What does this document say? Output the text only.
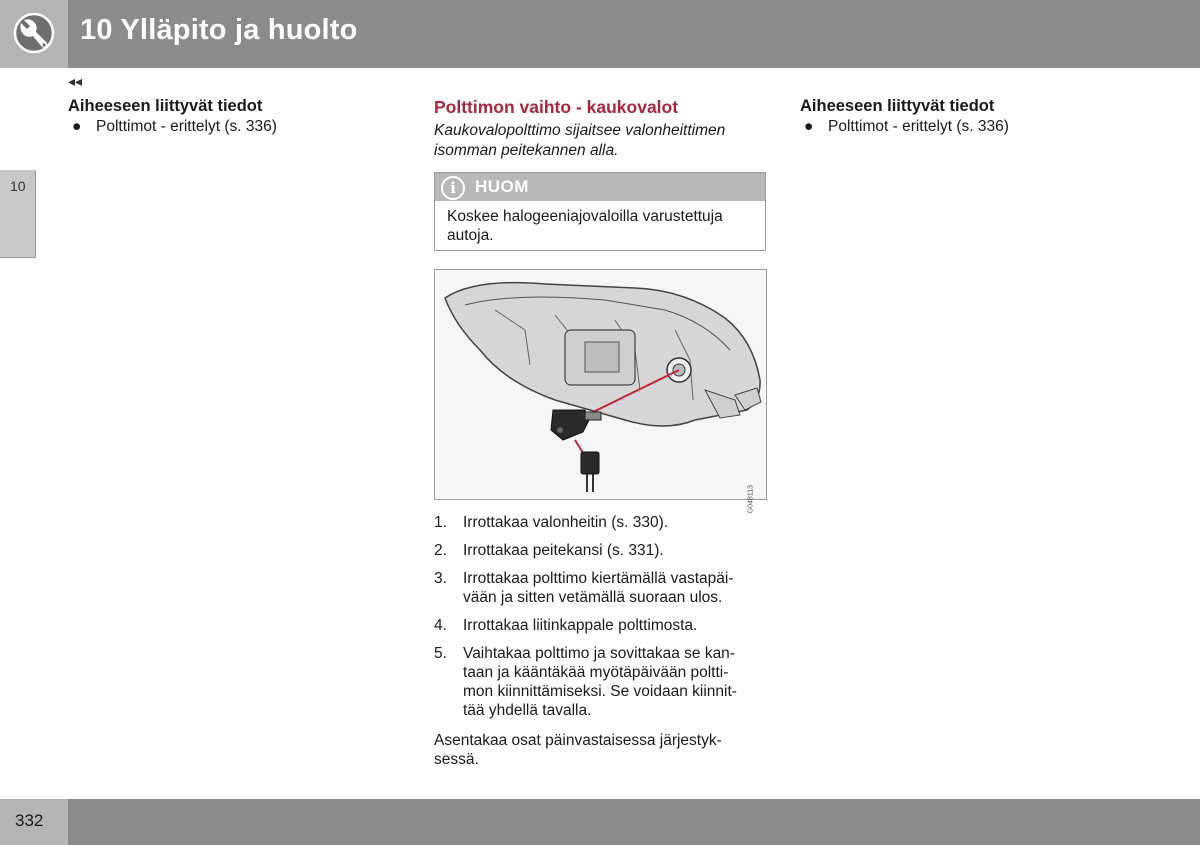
10 Ylläpito ja huolto
◂◂
10
Aiheeseen liittyvät tiedot
● Polttimot - erittelyt (s. 336)
Polttimon vaihto - kaukovalot
Kaukovalopolttimo sijaitsee valonheittimen isomman peitekannen alla.
i	HUOM
Koskee halogeeniajovaloilla varustettuja autoja.
G048113
1. Irrottakaa valonheitin (s. 330).
2. Irrottakaa peitekansi (s. 331).
3. Irrottakaa polttimo kiertämällä vastapäi-vään ja sitten vetämällä suoraan ulos.
4. Irrottakaa liitinkappale polttimosta.
5. Vaihtakaa polttimo ja sovittakaa se kan-taan ja kääntäkää myötäpäivään poltti-mon kiinnittämiseksi. Se voidaan kiinnit-tää yhdellä tavalla.
Asentakaa osat päinvastaisessa järjestyk-sessä.
Aiheeseen liittyvät tiedot
● Polttimot - erittelyt (s. 336)
332
